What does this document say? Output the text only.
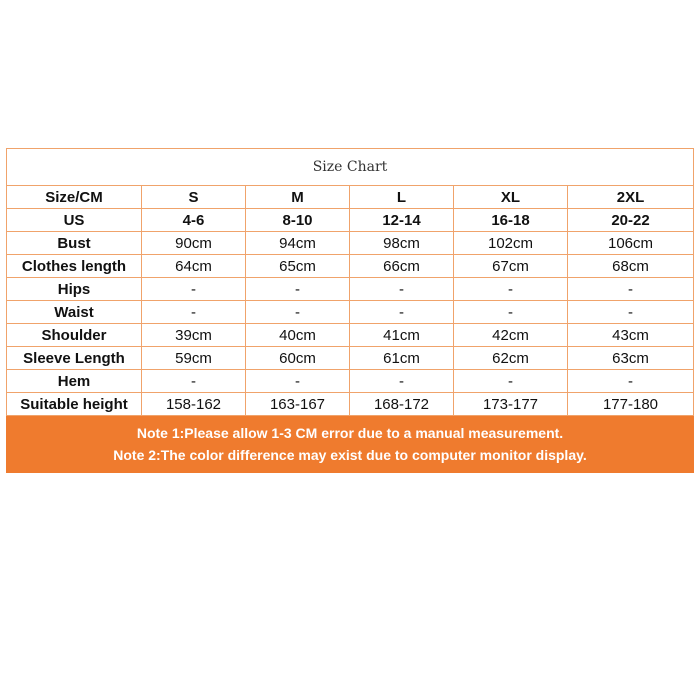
Size Chart					
Size/CM	S	M	L	XL	2XL
US	4-6	8-10	12-14	16-18	20-22
Bust	90cm	94cm	98cm	102cm	106cm
Clothes length	64cm	65cm	66cm	67cm	68cm
Hips	-	-	-	-	-
Waist	-	-	-	-	-
Shoulder	39cm	40cm	41cm	42cm	43cm
Sleeve Length	59cm	60cm	61cm	62cm	63cm
Hem	-	-	-	-	-
Suitable height	158-162	163-167	168-172	173-177	177-180

Note 1:Please allow 1-3 CM error due to a manual measurement.
Note 2:The color difference may exist due to computer monitor display.					
